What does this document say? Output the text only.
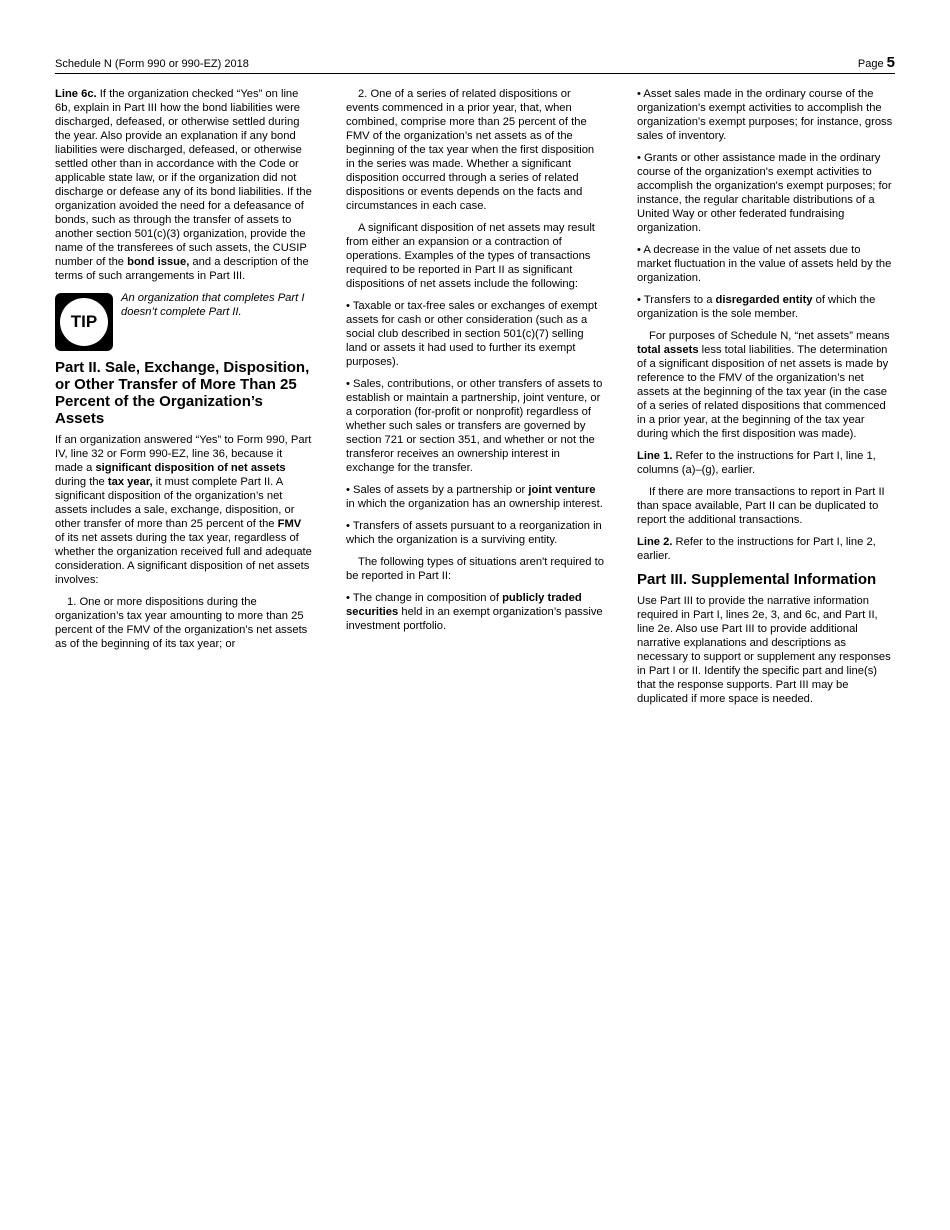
Schedule N (Form 990 or 990-EZ) 2018	Page 5

Line 6c. If the organization checked “Yes” on line 6b, explain in Part III how the bond liabilities were discharged, defeased, or otherwise settled during the year. Also provide an explanation if any bond liabilities were discharged, defeased, or otherwise settled other than in accordance with the Code or applicable state law, or if the organization did not discharge or defease any of its bond liabilities. If the organization avoided the need for a defeasance of bonds, such as through the transfer of assets to another section 501(c)(3) organization, provide the name of the transferees of such assets, the CUSIP number of the bond issue, and a description of the terms of such arrangements in Part III.

TIP
An organization that completes Part I doesn’t complete Part II.
Part II. Sale, Exchange, Disposition, or Other Transfer of More Than 25 Percent of the Organization’s Assets

If an organization answered “Yes” to Form 990, Part IV, line 32 or Form 990-EZ, line 36, because it made a significant disposition of net assets during the tax year, it must complete Part II. A significant disposition of the organization’s net assets includes a sale, exchange, disposition, or other transfer of more than 25 percent of the FMV of its net assets during the tax year, regardless of whether the organization received full and adequate consideration. A significant disposition of net assets involves:

1. One or more dispositions during the organization’s tax year amounting to more than 25 percent of the FMV of the organization’s net assets as of the beginning of its tax year; or

2. One of a series of related dispositions or events commenced in a prior year, that, when combined, comprise more than 25 percent of the FMV of the organization’s net assets as of the beginning of the tax year when the first disposition in the series was made. Whether a significant disposition occurred through a series of related dispositions or events depends on the facts and circumstances in each case.

A significant disposition of net assets may result from either an expansion or a contraction of operations. Examples of the types of transactions required to be reported in Part II as significant dispositions of net assets include the following:

• Taxable or tax-free sales or exchanges of exempt assets for cash or other consideration (such as a social club described in section 501(c)(7) selling land or assets it had used to further its exempt purposes).

• Sales, contributions, or other transfers of assets to establish or maintain a partnership, joint venture, or a corporation (for-profit or nonprofit) regardless of whether such sales or transfers are governed by section 721 or section 351, and whether or not the transferor receives an ownership interest in exchange for the transfer.

• Sales of assets by a partnership or joint venture in which the organization has an ownership interest.

• Transfers of assets pursuant to a reorganization in which the organization is a surviving entity.

The following types of situations aren't required to be reported in Part II:

• The change in composition of publicly traded securities held in an exempt organization’s passive investment portfolio.

• Asset sales made in the ordinary course of the organization's exempt activities to accomplish the organization's exempt purposes; for instance, gross sales of inventory.

• Grants or other assistance made in the ordinary course of the organization's exempt activities to accomplish the organization's exempt purposes; for instance, the regular charitable distributions of a United Way or other federated fundraising organization.

• A decrease in the value of net assets due to market fluctuation in the value of assets held by the organization.

• Transfers to a disregarded entity of which the organization is the sole member.

For purposes of Schedule N, “net assets” means total assets less total liabilities. The determination of a significant disposition of net assets is made by reference to the FMV of the organization’s net assets at the beginning of the tax year (in the case of a series of related dispositions that commenced in a prior year, at the beginning of the tax year during which the first disposition was made).

Line 1. Refer to the instructions for Part I, line 1, columns (a)–(g), earlier.

If there are more transactions to report in Part II than space available, Part II can be duplicated to report the additional transactions.

Line 2. Refer to the instructions for Part I, line 2, earlier.

Part III. Supplemental Information

Use Part III to provide the narrative information required in Part I, lines 2e, 3, and 6c, and Part II, line 2e. Also use Part III to provide additional narrative explanations and descriptions as necessary to support or supplement any responses in Part I or II. Identify the specific part and line(s) that the response supports. Part III may be duplicated if more space is needed.
